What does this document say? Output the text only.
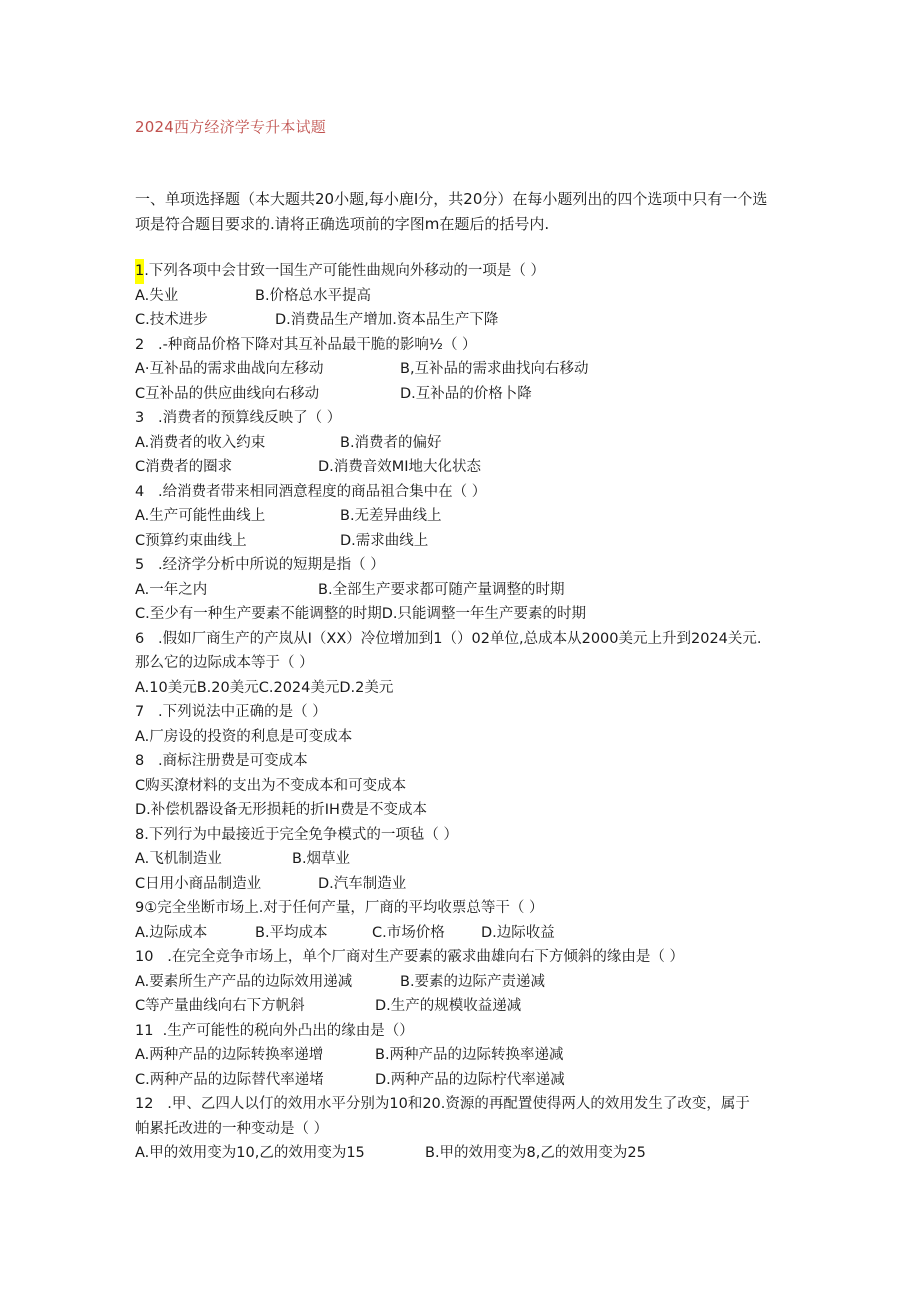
2024西方经济学专升本试题
一、单项选择题（本大题共20小题,每小鹿I分，共20分）在每小题列出的四个选项中只有一个选
项是符合题目要求的.请将正确选项前的字图m在题后的括号内.
1.下列各项中会甘致一国生产可能性曲规向外移动的一项是（ ）
A.失业	B.价格总水平提高
C.技术进步	D.消费品生产增加.资本品生产下降
2   .-种商品价格下降对其互补品最干脆的影响½（ ）
A·互补品的需求曲战向左移动	B,互补品的需求曲找向右移动
C互补品的供应曲线向右移动	D.互补品的价格卜降
3   .消费者的预算线反映了（ ）
A.消费者的收入约束	B.消费者的偏好
C消费者的圈求	D.消费音效MI地大化状态
4   .给消费者带来相同酒意程度的商品祖合集中在（ ）
A.生产可能性曲线上	B.无差异曲线上
C预算约束曲线上	D.需求曲线上
5   .经济学分析中所说的短期是指（ ）
A.一年之内	B.全部生产要求都可随产量调整的时期
C.至少有一种生产要素不能调整的时期D.只能调整一年生产要素的时期
6   .假如厂商生产的产岚从I（XX）冷位增加到1（）02单位,总成本从2000美元上升到2024关元.
那么它的边际成本等于（ ）
A.10美元B.20美元C.2024美元D.2美元
7   .下列说法中正确的是（ ）
A.厂房设的投资的利息是可变成本
8   .商标注册费是可变成本
C购买潦材料的支出为不变成本和可变成本
D.补偿机器设备无形损耗的折IH费是不变成本
8.下列行为中最接近于完全免争模式的一项毡（ ）
A.飞机制造业	B.烟草业
C日用小商品制造业	D.汽车制造业
9①完全坐断市场上.对于任何产量，厂商的平均收票总等干（ ）
A.边际成本	B.平均成本	C.市场价格	D.边际收益
10   .在完全竞争市场上，单个厂商对生产要素的霰求曲雄向右下方倾斜的缘由是（ ）
A.要素所生产产品的边际效用递减	B.要素的边际产责递减
C等产量曲线向右下方帆斜	D.生产的规模收益递减
11  .生产可能性的税向外凸出的缘由是（）
A.两种产品的边际转换率递增	B.两种产品的边际转换率递减
C.两种产品的边际替代率递堵	D.两种产品的边际柠代率递减
12   .甲、乙四人以仃的效用水平分别为10和20.资源的再配置使得两人的效用发生了改变，属于
帕累托改进的一种变动是（ ）
A.甲的效用变为10,乙的效用变为15	B.甲的效用变为8,乙的效用变为25
